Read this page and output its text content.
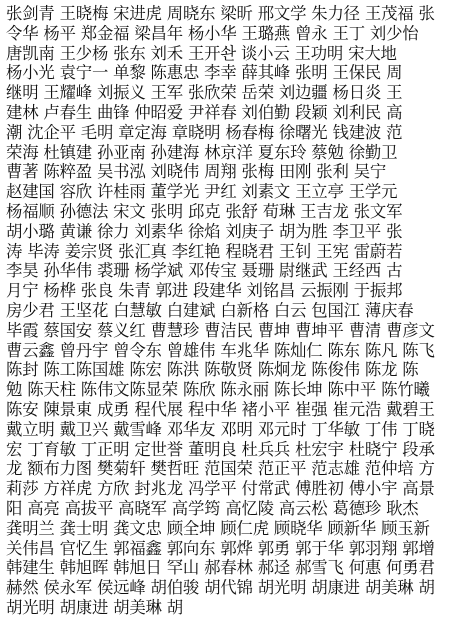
张剑青 王晓梅 宋进虎 周晓东 梁昕 邢文学 朱力径 王茂福 张
令华 杨平 郑金福 梁昌年 杨小华 王璐燕 曾永 王丁 刘少怡
唐凯南 王少杨 张东 刘禾 王开솬 谈小云 王功明 宋大地
杨小光 袁宁一 单黎 陈惠忠 李幸 薛其峰 张明 王保民 周
继明 王耀峰 刘振义 王军 张欣荣 岳荣 刘边疆 杨日炎 王
建林 卢春生 曲锋 仲昭爱 尹祥春 刘伯勤 段颖 刘利民 高
潮 沈企平 毛明 章定海 章晓明 杨春梅 徐曙光 钱建波 范
荣海 杜镇建 孙亚南 孙建海 林京洋 夏东玲 蔡勉 徐勤卫
曹著 陈粹盈 吴书泓 刘晓伟 周翔 张梅 田刚 张利 吴宁
赵建国 容欣 许桂雨 董学光 尹红 刘素文 王立亭 王学元
杨福顺 孙德法 宋文 张明 邱克 张舒 荀琳 王吉龙 张文军
胡小璐 黄谦 徐力 刘素华 徐焰 刘庚子 胡为胜 李卫平 张
涛 毕涛 姜宗贤 张汇真 李红艳 程晓君 王钊 王宪 雷蔚若
李昊 孙华伟 裘珊 杨学斌 邓传宝 聂珊 尉继武 王经西 古
月宁 杨桦 张良 朱青 郭进 段建华 刘铭昌 云振刚 于振邦
房少君 王坚花 白慧敏 白建斌 白新格 白云 包国江 薄庆春
毕霞 蔡国安 蔡义红 曹慧珍 曹洁民 曹坤 曹坤平 曹清 曹彦文
曹云鑫 曾丹宇 曾令东 曾雄伟 车兆华 陈灿仁 陈东 陈凡 陈飞
陈封 陈工陈国雄 陈宏 陈洪 陈敬贤 陈炯龙 陈俊伟 陈龙 陈
勉 陈天柱 陈伟文陈显荣 陈欣 陈永丽 陈长坤 陈中平 陈竹曦
陈安 陳景東 成勇 程代展 程中华 褚小平 崔强 崔元浩 戴碧王
戴立明 戴卫兴 戴雪峰 邓华友 邓明 邓元时 丁华敏 丁伟 丁晓
宏 丁育敏 丁正明 定世誉 董明良 杜兵兵 杜宏宇 杜晓宁 段承
龙 额布力图 樊菊轩 樊哲旺 范国荣 范正平 范志雄 范仲培 方
莉莎 方祥虎 方欣 封兆龙 冯学平 付常武 傅胜初 傅小宇 高景
阳 高亮 高拔平 高晓军 高学筠 高忆陵 高云松 葛德珍 耿杰
龚明兰 龚士明 龚文忠 顾全坤 顾仁虎 顾晓华 顾新华 顾玉新
关伟昌 官忆生 郭福鑫 郭向东 郭烨 郭勇 郭于华 郭羽翔 郭增
韩建生 韩旭晖 韩旭日 罕山 郝春林 郝迳 郝雪飞 何惠 何勇君
赫然 侯永军 侯远峰 胡伯骏 胡代锦 胡光明 胡康进 胡美琳 胡
胡光明 胡康进 胡美琳 胡
